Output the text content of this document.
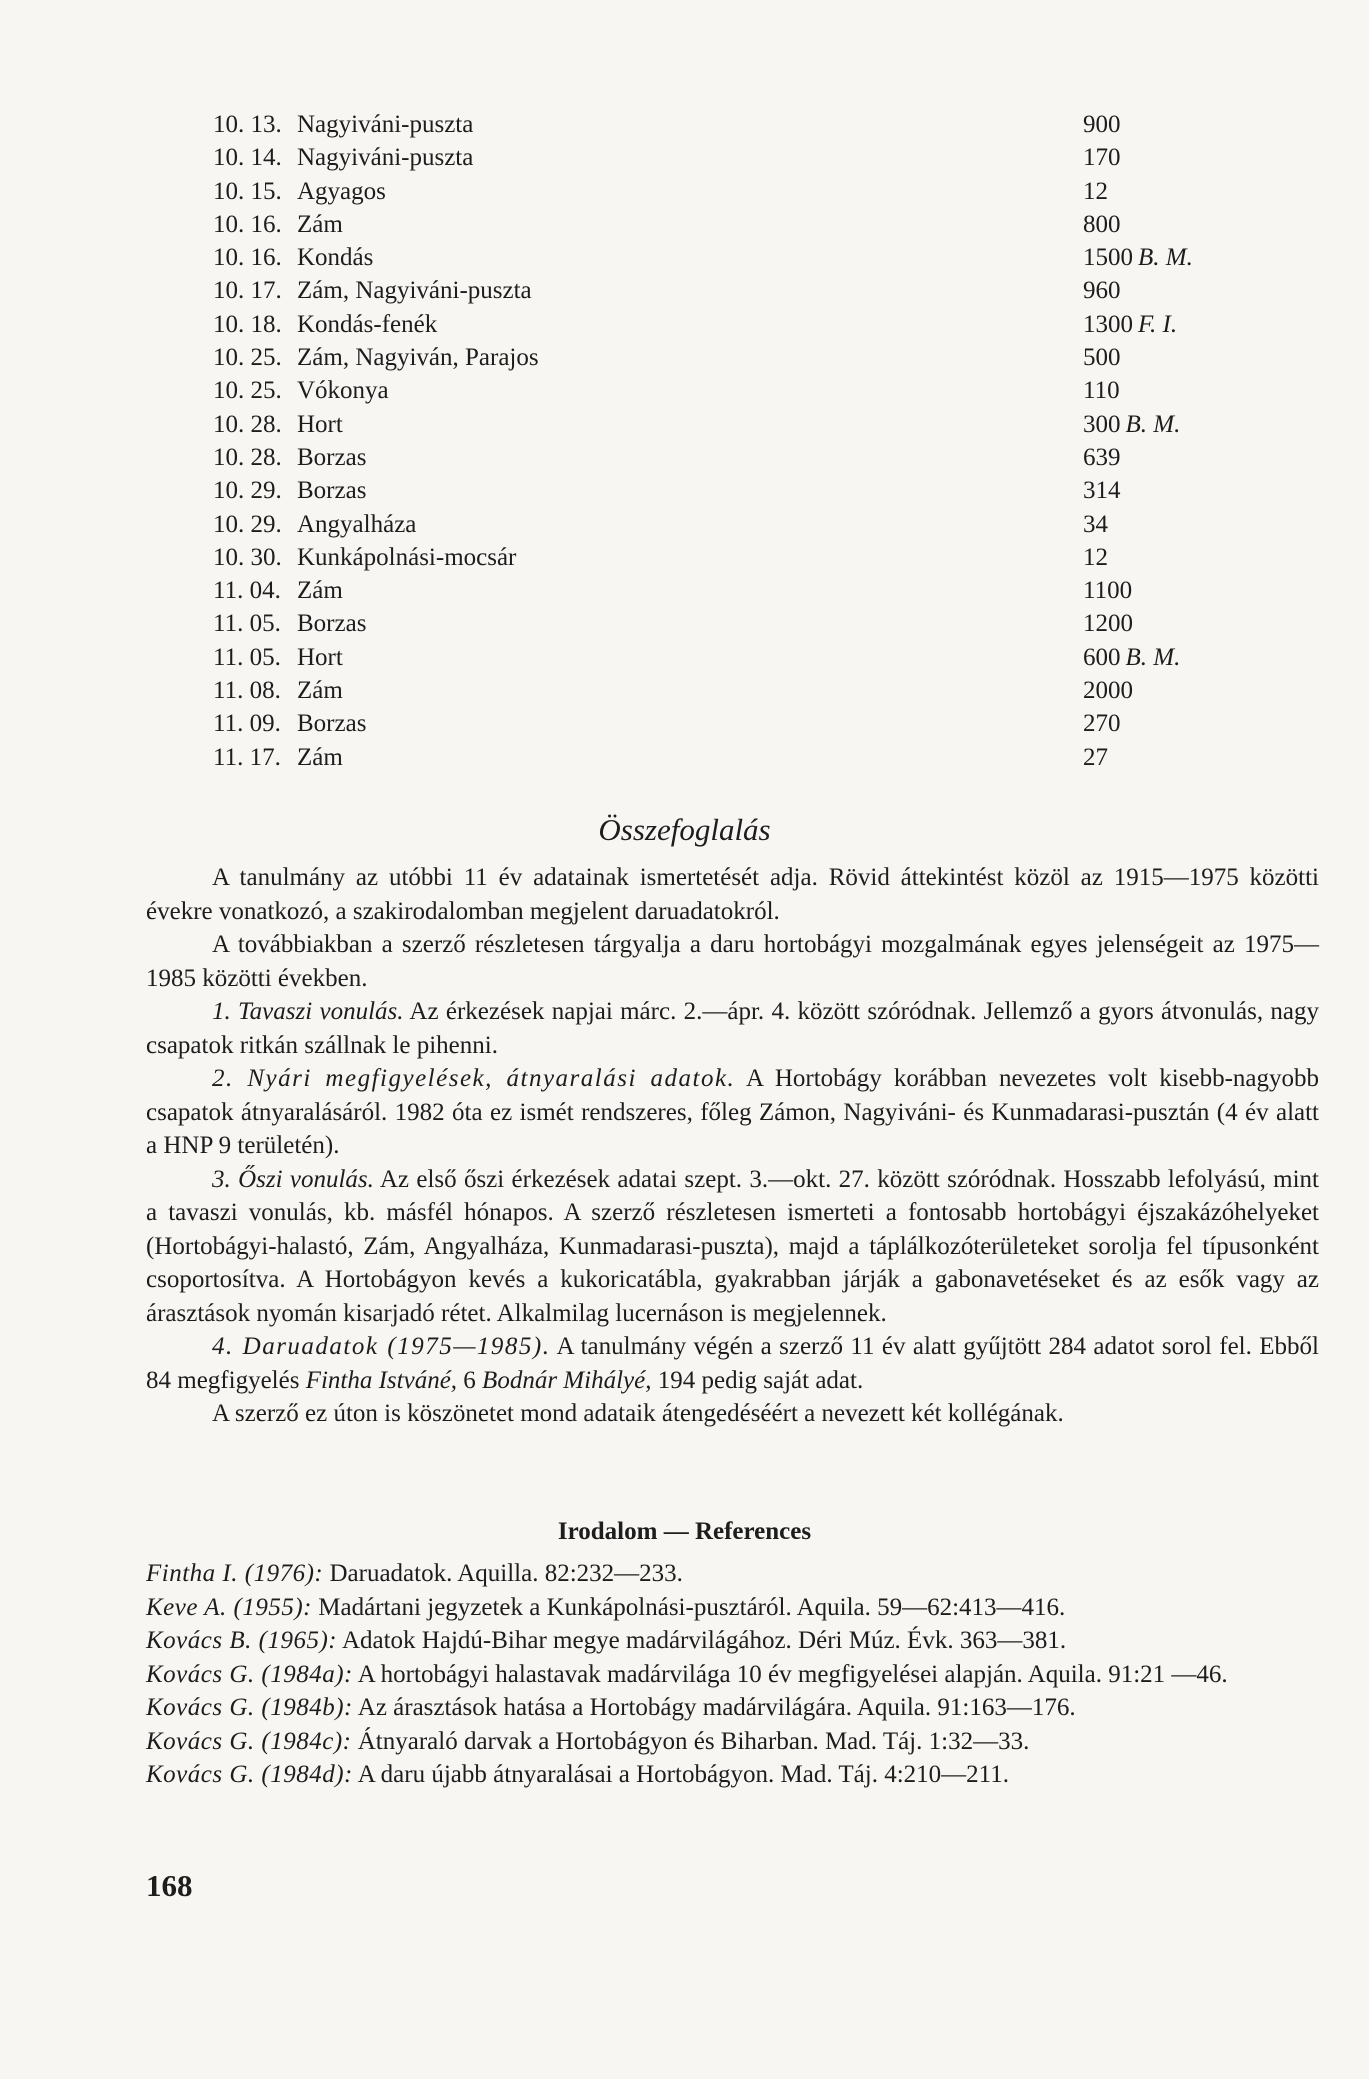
10. 13. Nagyiváni-puszta	900
10. 14. Nagyiváni-puszta	170
10. 15. Agyagos	12
10. 16. Zám	800
10. 16. Kondás	1500 B. M.
10. 17. Zám, Nagyiváni-puszta	960
10. 18. Kondás-fenék	1300 F. I.
10. 25. Zám, Nagyiván, Parajos	500
10. 25. Vókonya	110
10. 28. Hort	300 B. M.
10. 28. Borzas	639
10. 29. Borzas	314
10. 29. Angyalháza	34
10. 30. Kunkápolnási-mocsár	12
11. 04. Zám	1100
11. 05. Borzas	1200
11. 05. Hort	600 B. M.
11. 08. Zám	2000
11. 09. Borzas	270
11. 17. Zám	27
Összefoglalás

A tanulmány az utóbbi 11 év adatainak ismertetését adja. Rövid áttekintést közöl az 1915—1975 közötti évekre vonatkozó, a szakirodalomban megjelent daruadatokról.

A továbbiakban a szerző részletesen tárgyalja a daru hortobágyi mozgalmának egyes jelenségeit az 1975—1985 közötti években.

1. Tavaszi vonulás. Az érkezések napjai márc. 2.—ápr. 4. között szóródnak. Jellemző a gyors átvonulás, nagy csapatok ritkán szállnak le pihenni.

2. Nyári megfigyelések, átnyaralási adatok. A Hortobágy korábban nevezetes volt kisebb-nagyobb csapatok átnyaralásáról. 1982 óta ez ismét rendszeres, főleg Zámon, Nagyiváni- és Kunmadarasi-pusztán (4 év alatt a HNP 9 területén).

3. Őszi vonulás. Az első őszi érkezések adatai szept. 3.—okt. 27. között szóródnak. Hosszabb lefolyású, mint a tavaszi vonulás, kb. másfél hónapos. A szerző részletesen ismerteti a fontosabb hortobágyi éjszakázóhelyeket (Hortobágyi-halastó, Zám, Angyalháza, Kunmadarasi-puszta), majd a táplálkozóterületeket sorolja fel típusonként csoportosítva. A Hortobágyon kevés a kukoricatábla, gyakrabban járják a gabonavetéseket és az esők vagy az árasztások nyomán kisarjadó rétet. Alkalmilag lucernáson is megjelennek.

4. Daruadatok (1975—1985). A tanulmány végén a szerző 11 év alatt gyűjtött 284 adatot sorol fel. Ebből 84 megfigyelés Fintha Istváné, 6 Bodnár Mihályé, 194 pedig saját adat.

A szerző ez úton is köszönetet mond adataik átengedéséért a nevezett két kollégának.

Irodalom — References
Fintha I. (1976): Daruadatok. Aquilla. 82:232—233.
Keve A. (1955): Madártani jegyzetek a Kunkápolnási-pusztáról. Aquila. 59—62:413—416.
Kovács B. (1965): Adatok Hajdú-Bihar megye madárvilágához. Déri Múz. Évk. 363—381.
Kovács G. (1984a): A hortobágyi halastavak madárvilága 10 év megfigyelései alapján. Aquila. 91:21 —46.
Kovács G. (1984b): Az árasztások hatása a Hortobágy madárvilágára. Aquila. 91:163—176.
Kovács G. (1984c): Átnyaraló darvak a Hortobágyon és Biharban. Mad. Táj. 1:32—33.
Kovács G. (1984d): A daru újabb átnyaralásai a Hortobágyon. Mad. Táj. 4:210—211.
168
